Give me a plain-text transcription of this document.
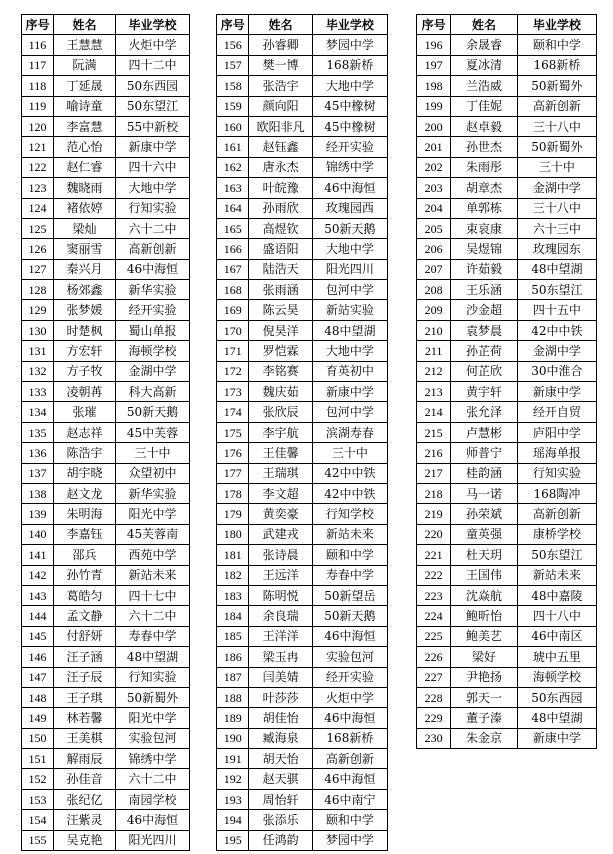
序号	姓名	毕业学校
116	王慧慧	火炬中学
117	阮满	四十二中
118	丁延晟	50东西园
119	喻诗童	50东望江
120	李富慧	55中新校
121	范心怡	新康中学
122	赵仁睿	四十六中
123	魏晓雨	大地中学
124	褚依婷	行知实验
125	梁灿	六十二中
126	窦丽雪	高新创新
127	秦兴月	46中海恒
128	杨郊鑫	新华实验
129	张梦媛	经开实验
130	时楚枫	蜀山单报
131	方宏轩	海顿学校
132	方子牧	金湖中学
133	凌朝苒	科大高新
134	张璀	50新天鹅
135	赵志祥	45中芙蓉
136	陈浩宇	三十中
137	胡宇晓	众望初中
138	赵文龙	新华实验
139	朱明海	阳光中学
140	李嘉钰	45芙蓉南
141	邵兵	西苑中学
142	孙竹青	新站未来
143	葛皓匀	四十七中
144	孟文静	六十二中
145	付舒妍	寿春中学
146	汪子涵	48中望湖
147	汪子辰	行知实验
148	王子琪	50新蜀外
149	林若馨	阳光中学
150	王美棋	实验包河
151	解雨辰	锦绣中学
152	孙佳音	六十二中
153	张纪亿	南园学校
154	汪紫灵	46中海恒
155	吴克艳	阳光四川
序号	姓名	毕业学校
156	孙睿卿	梦园中学
157	樊一博	168新桥
158	张浩宇	大地中学
159	颜向阳	45中橡树
160	欧阳非凡	45中橡树
161	赵钰鑫	经开实验
162	唐永杰	锦绣中学
163	叶皖豫	46中海恒
164	孙雨欣	玫瑰园西
165	高煜钦	50新天鹅
166	盛语阳	大地中学
167	陆浩天	阳光四川
168	张雨涵	包河中学
169	陈云昊	新站实验
170	倪昊洋	48中望湖
171	罗恺霖	大地中学
172	李铭赛	育英初中
173	魏庆茹	新康中学
174	张欣辰	包河中学
175	李宇航	滨湖寿春
176	王佳馨	三十中
177	王瑞琪	42中中铁
178	李文超	42中中铁
179	黄奕豪	行知学校
180	武建戎	新站未来
181	张诗晨	颐和中学
182	王远洋	寿春中学
183	陈明悦	50新望岳
184	余良瑞	50新天鹅
185	王洋洋	46中海恒
186	梁玉冉	实验包河
187	闫美婧	经开实验
188	叶莎莎	火炬中学
189	胡佳怡	46中海恒
190	臧海泉	168新桥
191	胡天怡	高新创新
192	赵天骐	46中海恒
193	周怡轩	46中南宁
194	张添乐	颐和中学
195	任鸿韵	梦园中学
序号	姓名	毕业学校
196	余晟睿	颐和中学
197	夏冰清	168新桥
198	兰浩威	50新蜀外
199	丁佳妮	高新创新
200	赵卓毅	三十八中
201	孙世杰	50新蜀外
202	朱雨彤	三十中
203	胡章杰	金湖中学
204	单郭栋	三十八中
205	束哀康	六十三中
206	吴煜锦	玫瑰园东
207	许茹毅	48中望湖
208	王乐涵	50东望江
209	沙金超	四十五中
210	袁梦晨	42中中铁
211	孙芷荷	金湖中学
212	何芷欣	30中淮合
213	黄宇轩	新康中学
214	张允泽	经开自贸
215	卢慧彬	庐阳中学
216	师普宁	瑶海单报
217	桂韵涵	行知实验
218	马一诺	168陶冲
219	孙荣斌	高新创新
220	童英强	康桥学校
221	杜天玥	50东望江
222	王国伟	新站未来
223	沈焱航	48中嘉陵
224	鲍昕怡	四十八中
225	鲍美艺	46中南区
226	梁好	琥中五里
227	尹艳扬	海顿学校
228	郭天一	50东西园
229	董子溱	48中望湖
230	朱金京	新康中学
